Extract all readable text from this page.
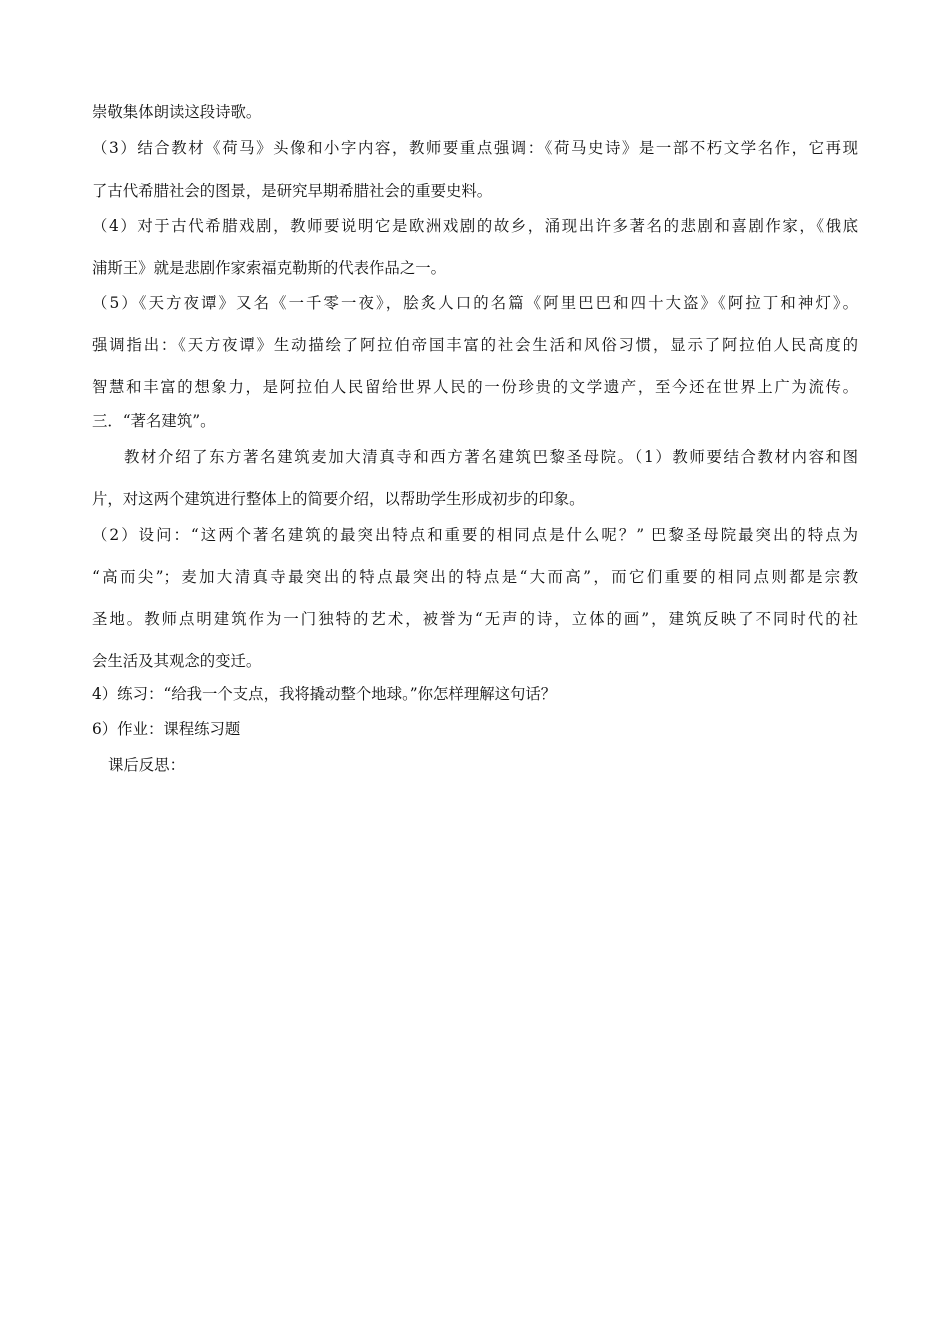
崇敬集体朗读这段诗歌。
（3）结合教材《荷马》头像和小字内容，教师要重点强调：《荷马史诗》是一部不朽文学名作，它再现
了古代希腊社会的图景，是研究早期希腊社会的重要史料。
（4）对于古代希腊戏剧，教师要说明它是欧洲戏剧的故乡，涌现出许多著名的悲剧和喜剧作家，《俄底
浦斯王》就是悲剧作家索福克勒斯的代表作品之一。
（5）《天方夜谭》又名《一千零一夜》，脍炙人口的名篇《阿里巴巴和四十大盗》《阿拉丁和神灯》。
强调指出：《天方夜谭》生动描绘了阿拉伯帝国丰富的社会生活和风俗习惯，显示了阿拉伯人民高度的
智慧和丰富的想象力，是阿拉伯人民留给世界人民的一份珍贵的文学遗产，至今还在世界上广为流传。
三．“著名建筑”。
教材介绍了东方著名建筑麦加大清真寺和西方著名建筑巴黎圣母院。（1）教师要结合教材内容和图
片，对这两个建筑进行整体上的简要介绍，以帮助学生形成初步的印象。
（2）设问：“这两个著名建筑的最突出特点和重要的相同点是什么呢？” 巴黎圣母院最突出的特点为
“高而尖”；麦加大清真寺最突出的特点最突出的特点是“大而高”，而它们重要的相同点则都是宗教
圣地。教师点明建筑作为一门独特的艺术，被誉为“无声的诗，立体的画”，建筑反映了不同时代的社
会生活及其观念的变迁。
4）练习：“给我一个支点，我将撬动整个地球。”你怎样理解这句话？
6）作业：课程练习题
课后反思：
